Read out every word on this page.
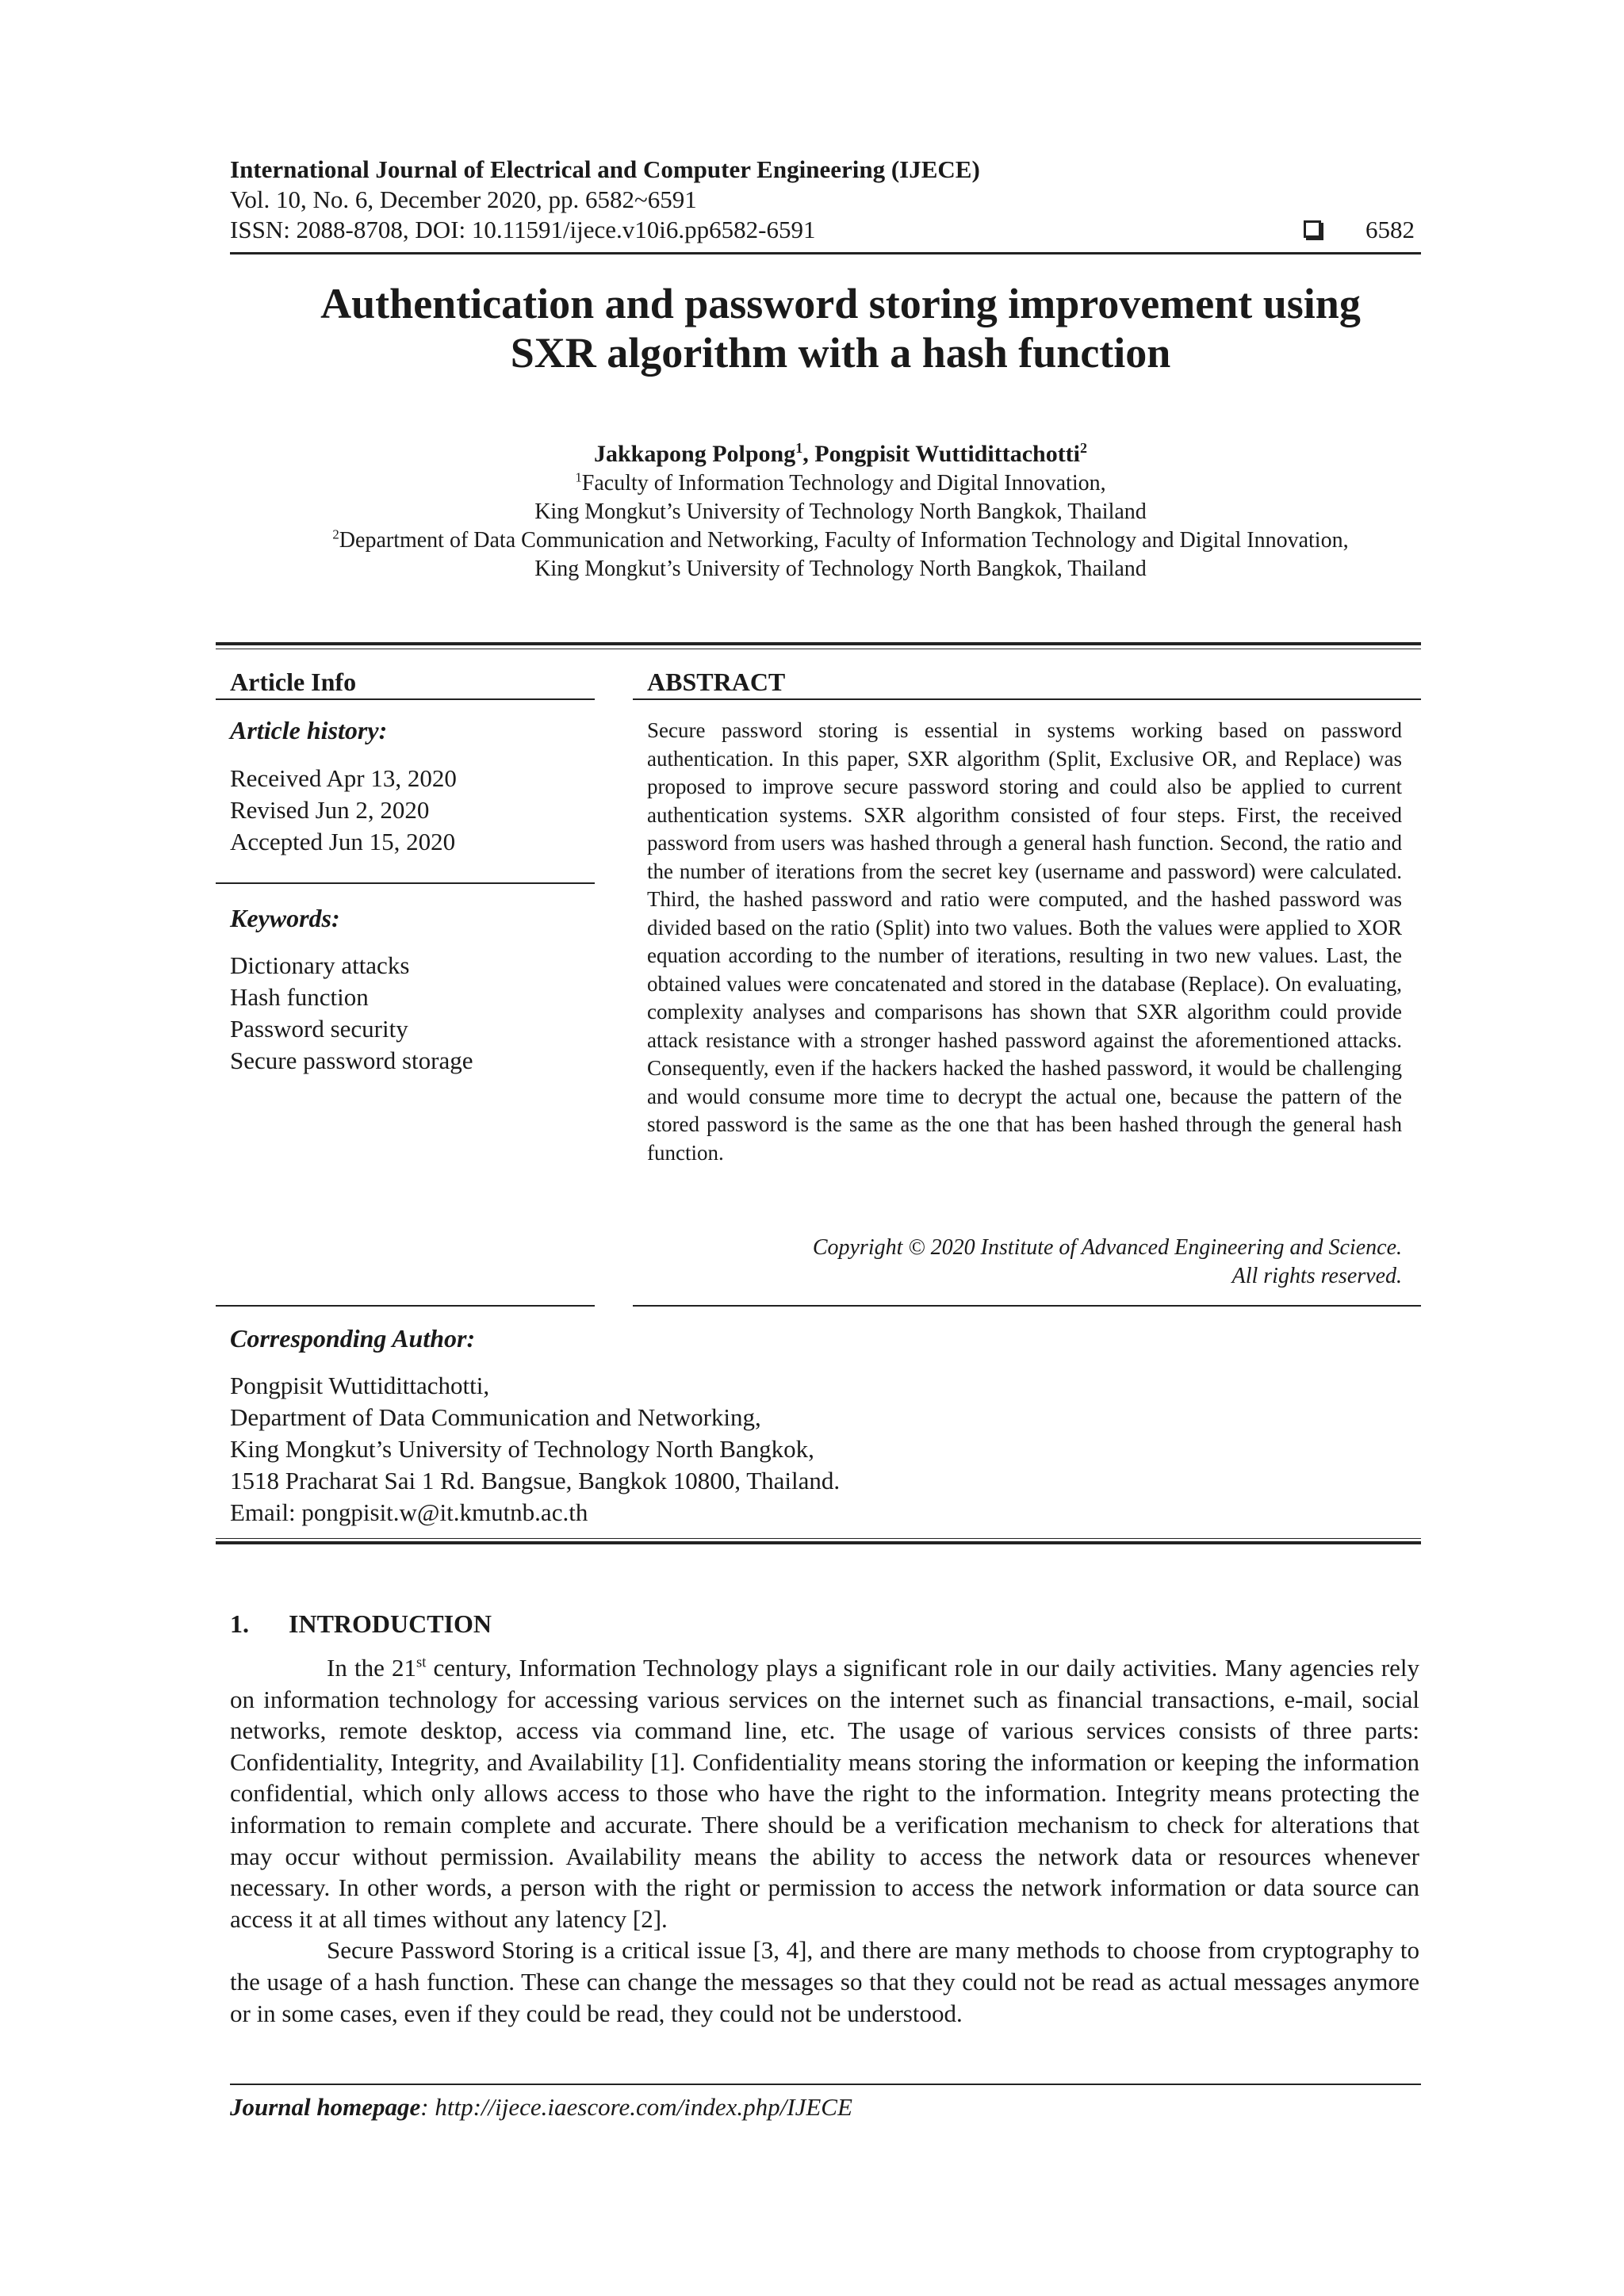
International Journal of Electrical and Computer Engineering (IJECE)
Vol. 10, No. 6, December 2020, pp. 6582~6591
ISSN: 2088-8708, DOI: 10.11591/ijece.v10i6.pp6582-6591	6582
Authentication and password storing improvement using
SXR algorithm with a hash function
Jakkapong Polpong$^1$, Pongpisit Wuttidittachotti$^2$
$^1$Faculty of Information Technology and Digital Innovation,
King Mongkut’s University of Technology North Bangkok, Thailand
$^2$Department of Data Communication and Networking, Faculty of Information Technology and Digital Innovation,
King Mongkut’s University of Technology North Bangkok, Thailand
Article Info
Article history:
Received Apr 13, 2020
Revised Jun 2, 2020
Accepted Jun 15, 2020
Keywords:
Dictionary attacks
Hash function
Password security
Secure password storage
ABSTRACT
Secure password storing is essential in systems working based on password authentication. In this paper, SXR algorithm (Split, Exclusive OR, and Replace) was proposed to improve secure password storing and could also be applied to current authentication systems. SXR algorithm consisted of four steps. First, the received password from users was hashed through a general hash function. Second, the ratio and the number of iterations from the secret key (username and password) were calculated. Third, the hashed password and ratio were computed, and the hashed password was divided based on the ratio (Split) into two values. Both the values were applied to XOR equation according to the number of iterations, resulting in two new values. Last, the obtained values were concatenated and stored in the database (Replace). On evaluating, complexity analyses and comparisons has shown that SXR algorithm could provide attack resistance with a stronger hashed password against the aforementioned attacks. Consequently, even if the hackers hacked the hashed password, it would be challenging and would consume more time to decrypt the actual one, because the pattern of the stored password is the same as the one that has been hashed through the general hash function.
Copyright © 2020 Institute of Advanced Engineering and Science.
All rights reserved.
Corresponding Author:
Pongpisit Wuttidittachotti,
Department of Data Communication and Networking,
King Mongkut’s University of Technology North Bangkok,
1518 Pracharat Sai 1 Rd. Bangsue, Bangkok 10800, Thailand.
Email: pongpisit.w@it.kmutnb.ac.th
1. INTRODUCTION

In the 21st century, Information Technology plays a significant role in our daily activities. Many agencies rely on information technology for accessing various services on the internet such as financial transactions, e-mail, social networks, remote desktop, access via command line, etc. The usage of various services consists of three parts: Confidentiality, Integrity, and Availability [1]. Confidentiality means storing the information or keeping the information confidential, which only allows access to those who have the right to the information. Integrity means protecting the information to remain complete and accurate. There should be a verification mechanism to check for alterations that may occur without permission. Availability means the ability to access the network data or resources whenever necessary. In other words, a person with the right or permission to access the network information or data source can access it at all times without any latency [2].

Secure Password Storing is a critical issue [3, 4], and there are many methods to choose from cryptography to the usage of a hash function. These can change the messages so that they could not be read as actual messages anymore or in some cases, even if they could be read, they could not be understood.

Journal homepage: http://ijece.iaescore.com/index.php/IJECE
